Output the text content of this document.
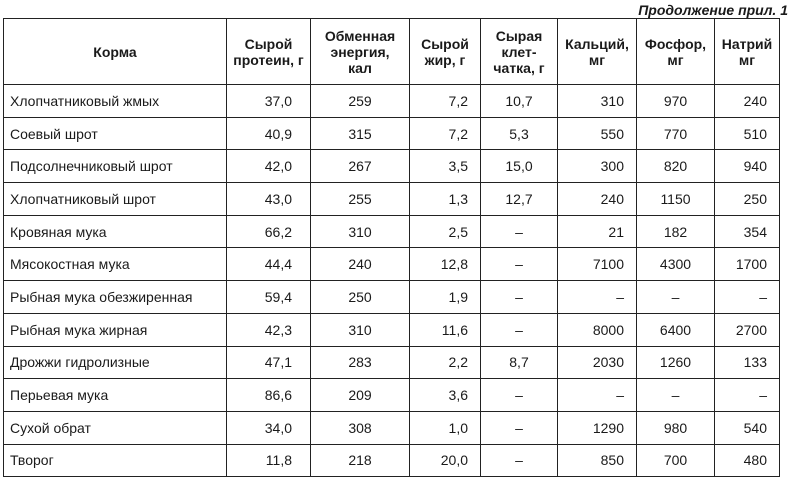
Продолжение прил. 1
Корма	Сырой протеин, г	Обменная энергия, кал	Сырой жир, г	Сырая клет-чатка, г	Кальций, мг	Фосфор, мг	Натрий мг
Хлопчатниковый жмых	37,0	259	7,2	10,7	310	970	240
Соевый шрот	40,9	315	7,2	5,3	550	770	510
Подсолнечниковый шрот	42,0	267	3,5	15,0	300	820	940
Хлопчатниковый шрот	43,0	255	1,3	12,7	240	1150	250
Кровяная мука	66,2	310	2,5	–	21	182	354
Мясокостная мука	44,4	240	12,8	–	7100	4300	1700
Рыбная мука обезжиренная	59,4	250	1,9	–	–	–	–
Рыбная мука жирная	42,3	310	11,6	–	8000	6400	2700
Дрожжи гидролизные	47,1	283	2,2	8,7	2030	1260	133
Перьевая мука	86,6	209	3,6	–	–	–	–
Сухой обрат	34,0	308	1,0	–	1290	980	540
Творог	11,8	218	20,0	–	850	700	480
